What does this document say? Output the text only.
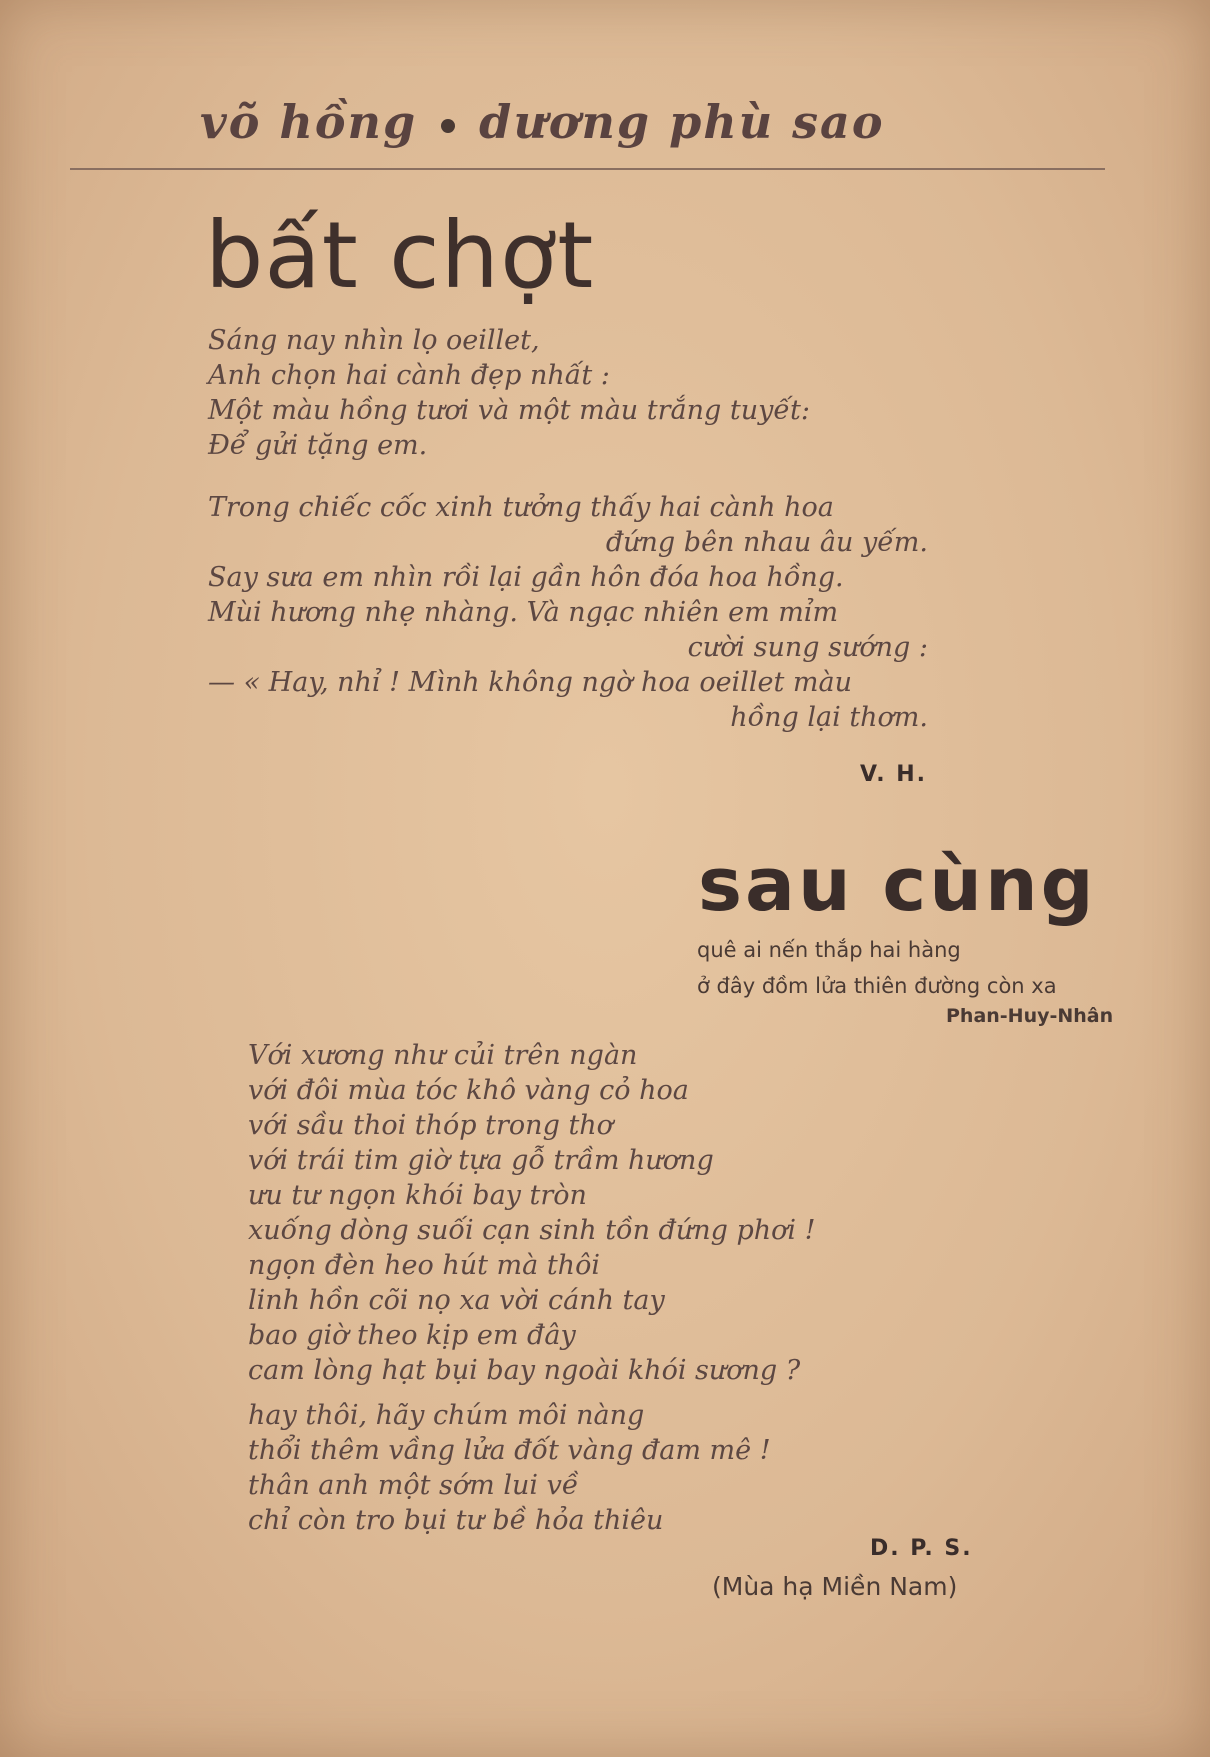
võ hồng dương phù sao
bất chợt
Sáng nay nhìn lọ oeillet,
Anh chọn hai cành đẹp nhất :
Một màu hồng tươi và một màu trắng tuyết:
Để gửi tặng em.
Trong chiếc cốc xinh tưởng thấy hai cành hoa
đứng bên nhau âu yếm.
Say sưa em nhìn rồi lại gần hôn đóa hoa hồng.
Mùi hương nhẹ nhàng. Và ngạc nhiên em mỉm
cười sung sướng :
— « Hay, nhỉ ! Mình không ngờ hoa oeillet màu
hồng lại thơm.
V. H.
sau cùng
quê ai nến thắp hai hàng
ở đây đồm lửa thiên đường còn xa
Phan-Huy-Nhân
Với xương như củi trên ngàn
với đôi mùa tóc khô vàng cỏ hoa
với sầu thoi thóp trong thơ
với trái tim giờ tựa gỗ trầm hương
ưu tư ngọn khói bay tròn
xuống dòng suối cạn sinh tồn đứng phơi !
ngọn đèn heo hút mà thôi
linh hồn cõi nọ xa vời cánh tay
bao giờ theo kịp em đây
cam lòng hạt bụi bay ngoài khói sương ?
hay thôi, hãy chúm môi nàng
thổi thêm vầng lửa đốt vàng đam mê !
thân anh một sớm lui về
chỉ còn tro bụi tư bề hỏa thiêu
D. P. S.
(Mùa hạ Miền Nam)
